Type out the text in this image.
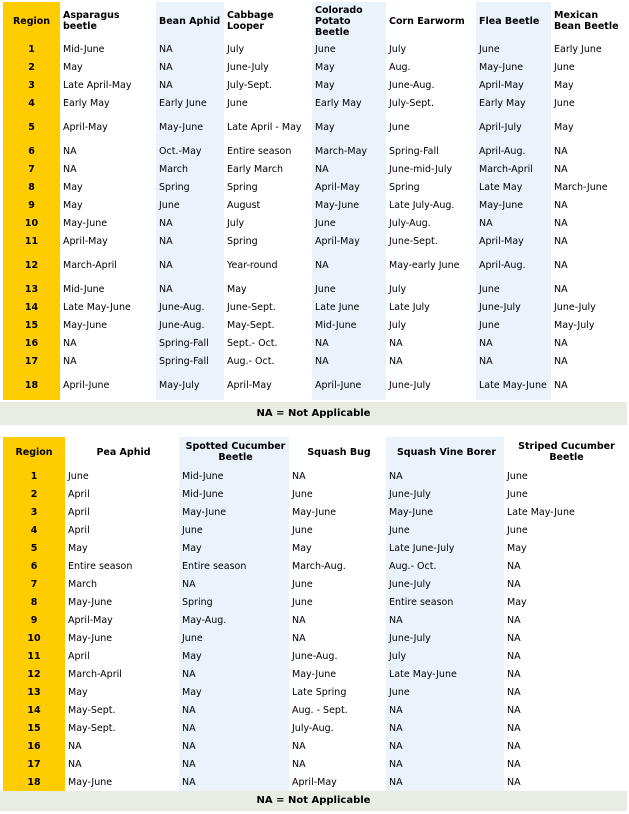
Region	Asparagus beetle	Bean Aphid	Cabbage Looper	Colorado Potato Beetle	Corn Earworm	Flea Beetle	Mexican Bean Beetle
1	Mid-June	NA	July	June	July	June	Early June
2	May	NA	June-July	May	Aug.	May-June	June
3	Late April-May	NA	July-Sept.	May	June-Aug.	April-May	May
4	Early May	Early June	June	Early May	July-Sept.	Early May	June
5	April-May	May-June	Late April - May	May	June	April-July	May
6	NA	Oct.-May	Entire season	March-May	Spring-Fall	April-Aug.	NA
7	NA	March	Early March	NA	June-mid-July	March-April	NA
8	May	Spring	Spring	April-May	Spring	Late May	March-June
9	May	June	August	May-June	Late July-Aug.	May-June	NA
10	May-June	NA	July	June	July-Aug.	NA	NA
11	April-May	NA	Spring	April-May	June-Sept.	April-May	NA
12	March-April	NA	Year-round	NA	May-early June	April-Aug.	NA
13	Mid-June	NA	May	June	July	June	NA
14	Late May-June	June-Aug.	June-Sept.	Late June	Late July	June-July	June-July
15	May-June	June-Aug.	May-Sept.	Mid-June	July	June	May-July
16	NA	Spring-Fall	Sept.- Oct.	NA	NA	NA	NA
17	NA	Spring-Fall	Aug.- Oct.	NA	NA	NA	NA
18	April-June	May-July	April-May	April-June	June-July	Late May-June	NA
NA = Not Applicable
Region	Pea Aphid	Spotted Cucumber Beetle	Squash Bug	Squash Vine Borer	Striped Cucumber Beetle
1	June	Mid-June	NA	NA	June
2	April	Mid-June	June	June-July	June
3	April	May-June	May-June	May-June	Late May-June
4	April	June	June	June	June
5	May	May	May	Late June-July	May
6	Entire season	Entire season	March-Aug.	Aug.- Oct.	NA
7	March	NA	June	June-July	NA
8	May-June	Spring	June	Entire season	May
9	April-May	May-Aug.	NA	NA	NA
10	May-June	June	NA	June-July	NA
11	April	May	June-Aug.	July	NA
12	March-April	NA	May-June	Late May-June	NA
13	May	May	Late Spring	June	NA
14	May-Sept.	NA	Aug. - Sept.	NA	NA
15	May-Sept.	NA	July-Aug.	NA	NA
16	NA	NA	NA	NA	NA
17	NA	NA	NA	NA	NA
18	May-June	NA	April-May	NA	NA
NA = Not Applicable
